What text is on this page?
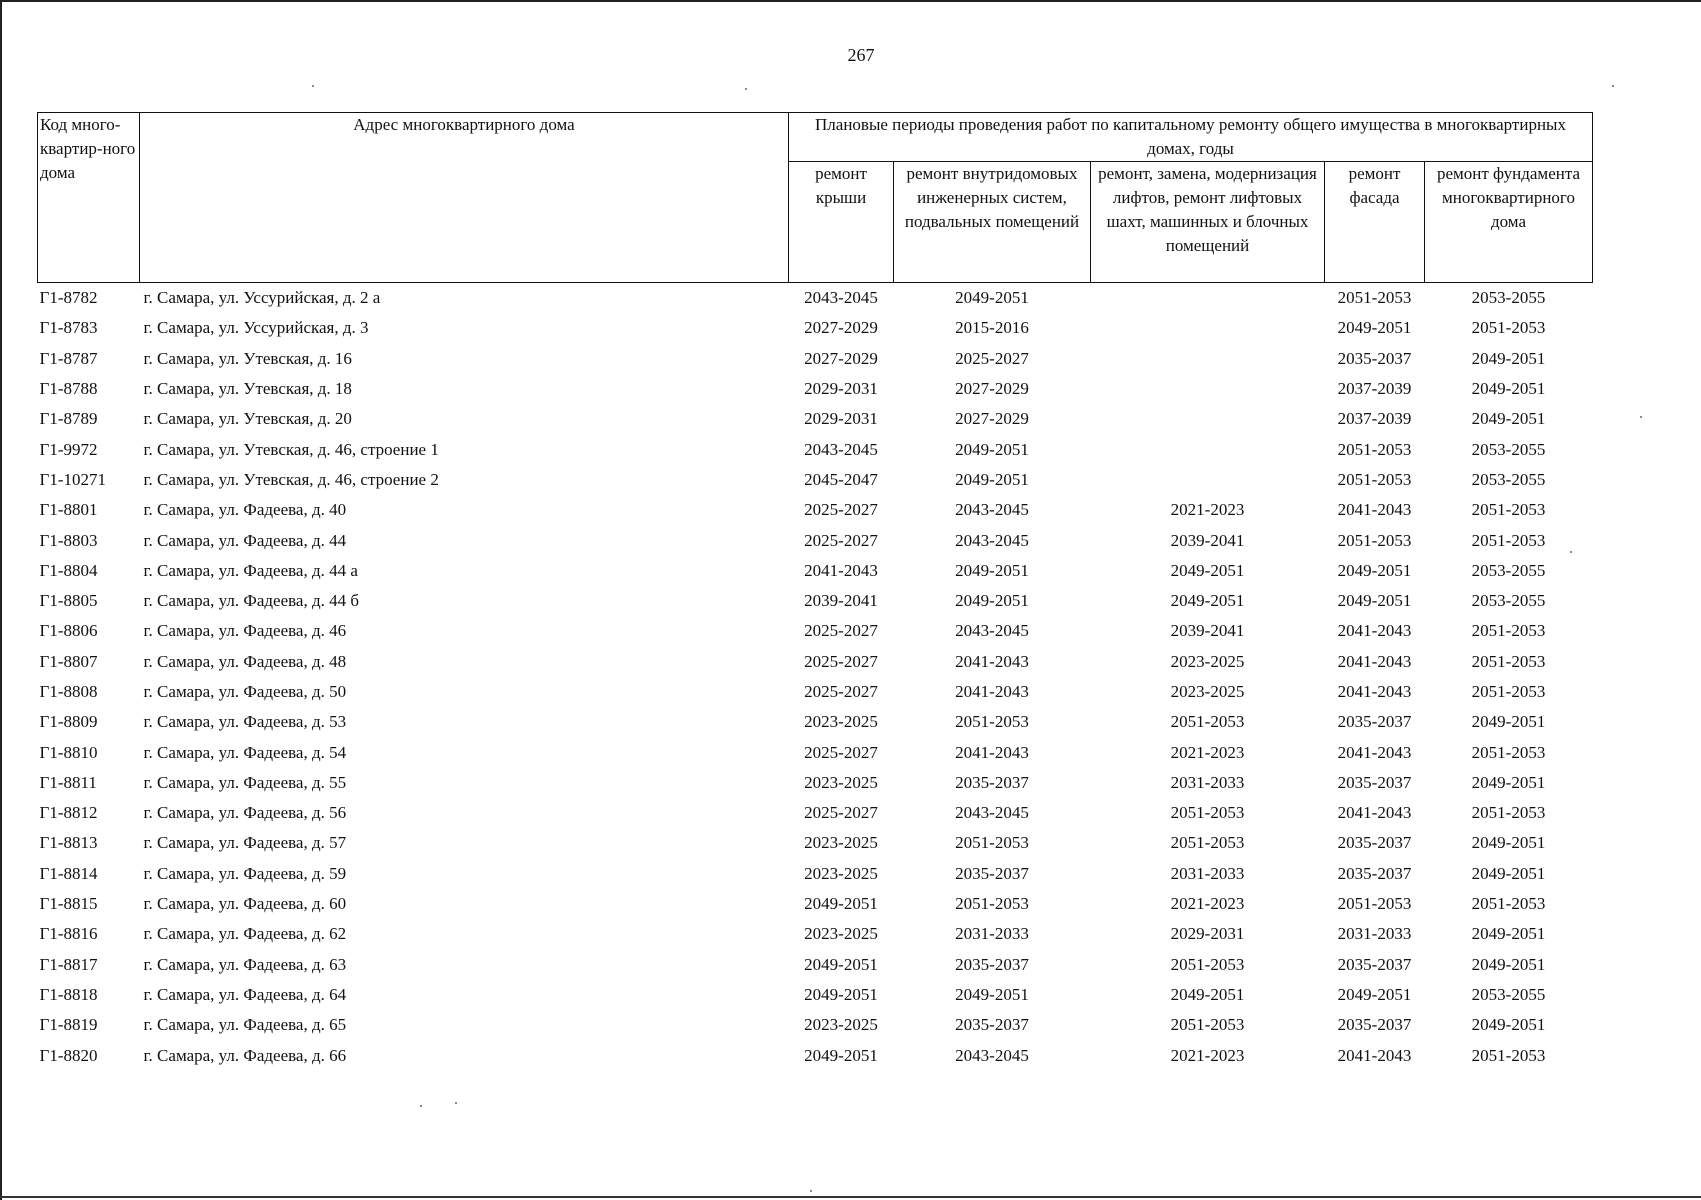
267
Код много-квартир-ного дома	Адрес многоквартирного дома	Плановые периоды проведения работ по капитальному ремонту общего имущества в многоквартирных домах, годы				
		ремонт крыши	ремонт внутридомовых инженерных систем, подвальных помещений	ремонт, замена, модернизация лифтов, ремонт лифтовых шахт, машинных и блочных помещений	ремонт фасада	ремонт фундамента многоквартирного дома
Г1-8782	г. Самара, ул. Уссурийская, д. 2 а	2043-2045	2049-2051		2051-2053	2053-2055
Г1-8783	г. Самара, ул. Уссурийская, д. 3	2027-2029	2015-2016		2049-2051	2051-2053
Г1-8787	г. Самара, ул. Утевская, д. 16	2027-2029	2025-2027		2035-2037	2049-2051
Г1-8788	г. Самара, ул. Утевская, д. 18	2029-2031	2027-2029		2037-2039	2049-2051
Г1-8789	г. Самара, ул. Утевская, д. 20	2029-2031	2027-2029		2037-2039	2049-2051
Г1-9972	г. Самара, ул. Утевская, д. 46, строение 1	2043-2045	2049-2051		2051-2053	2053-2055
Г1-10271	г. Самара, ул. Утевская, д. 46, строение 2	2045-2047	2049-2051		2051-2053	2053-2055
Г1-8801	г. Самара, ул. Фадеева, д. 40	2025-2027	2043-2045	2021-2023	2041-2043	2051-2053
Г1-8803	г. Самара, ул. Фадеева, д. 44	2025-2027	2043-2045	2039-2041	2051-2053	2051-2053
Г1-8804	г. Самара, ул. Фадеева, д. 44 а	2041-2043	2049-2051	2049-2051	2049-2051	2053-2055
Г1-8805	г. Самара, ул. Фадеева, д. 44 б	2039-2041	2049-2051	2049-2051	2049-2051	2053-2055
Г1-8806	г. Самара, ул. Фадеева, д. 46	2025-2027	2043-2045	2039-2041	2041-2043	2051-2053
Г1-8807	г. Самара, ул. Фадеева, д. 48	2025-2027	2041-2043	2023-2025	2041-2043	2051-2053
Г1-8808	г. Самара, ул. Фадеева, д. 50	2025-2027	2041-2043	2023-2025	2041-2043	2051-2053
Г1-8809	г. Самара, ул. Фадеева, д. 53	2023-2025	2051-2053	2051-2053	2035-2037	2049-2051
Г1-8810	г. Самара, ул. Фадеева, д. 54	2025-2027	2041-2043	2021-2023	2041-2043	2051-2053
Г1-8811	г. Самара, ул. Фадеева, д. 55	2023-2025	2035-2037	2031-2033	2035-2037	2049-2051
Г1-8812	г. Самара, ул. Фадеева, д. 56	2025-2027	2043-2045	2051-2053	2041-2043	2051-2053
Г1-8813	г. Самара, ул. Фадеева, д. 57	2023-2025	2051-2053	2051-2053	2035-2037	2049-2051
Г1-8814	г. Самара, ул. Фадеева, д. 59	2023-2025	2035-2037	2031-2033	2035-2037	2049-2051
Г1-8815	г. Самара, ул. Фадеева, д. 60	2049-2051	2051-2053	2021-2023	2051-2053	2051-2053
Г1-8816	г. Самара, ул. Фадеева, д. 62	2023-2025	2031-2033	2029-2031	2031-2033	2049-2051
Г1-8817	г. Самара, ул. Фадеева, д. 63	2049-2051	2035-2037	2051-2053	2035-2037	2049-2051
Г1-8818	г. Самара, ул. Фадеева, д. 64	2049-2051	2049-2051	2049-2051	2049-2051	2053-2055
Г1-8819	г. Самара, ул. Фадеева, д. 65	2023-2025	2035-2037	2051-2053	2035-2037	2049-2051
Г1-8820	г. Самара, ул. Фадеева, д. 66	2049-2051	2043-2045	2021-2023	2041-2043	2051-2053
